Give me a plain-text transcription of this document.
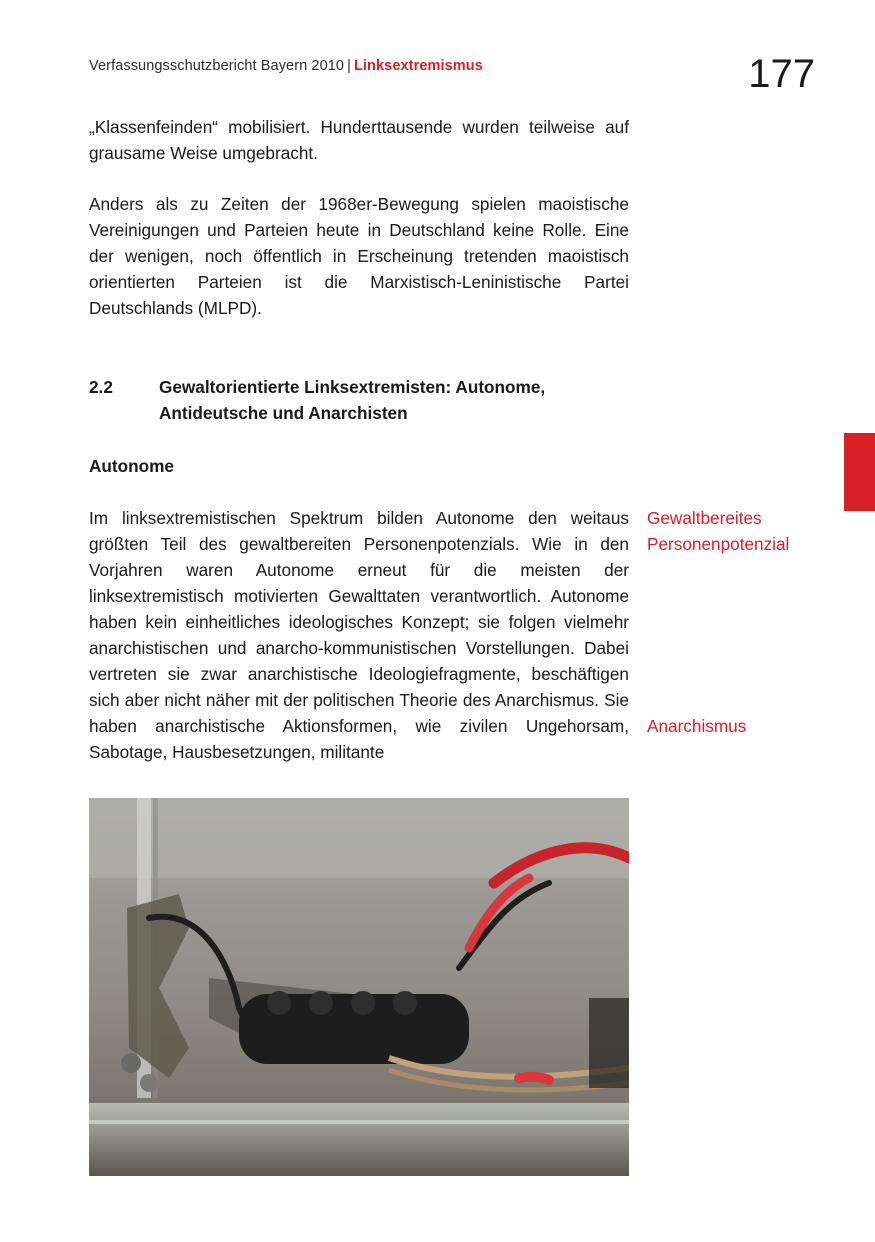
Verfassungsschutzbericht Bayern 2010 | Linksextremismus	177
„Klassenfeinden“ mobilisiert. Hunderttausende wurden teilweise auf grausame Weise umgebracht.
Anders als zu Zeiten der 1968er-Bewegung spielen maoistische Vereinigungen und Parteien heute in Deutschland keine Rolle. Eine der wenigen, noch öffentlich in Erscheinung tretenden maoistisch orientierten Parteien ist die Marxistisch-Leninistische Partei Deutschlands (MLPD).
2.2	Gewaltorientierte Linksextremisten: Autonome, Antideutsche und Anarchisten
Autonome
Im linksextremistischen Spektrum bilden Autonome den weitaus größten Teil des gewaltbereiten Personenpotenzials. Wie in den Vorjahren waren Autonome erneut für die meisten der linksextremistisch motivierten Gewalttaten verantwortlich. Autonome haben kein einheitliches ideologisches Konzept; sie folgen vielmehr anarchistischen und anarcho-kommunistischen Vorstellungen. Dabei vertreten sie zwar anarchistische Ideologiefragmente, beschäftigen sich aber nicht näher mit der politischen Theorie des Anarchismus. Sie haben anarchistische Aktionsformen, wie zivilen Ungehorsam, Sabotage, Hausbesetzungen, militante
Gewaltbereites
Personenpotenzial
Anarchismus
